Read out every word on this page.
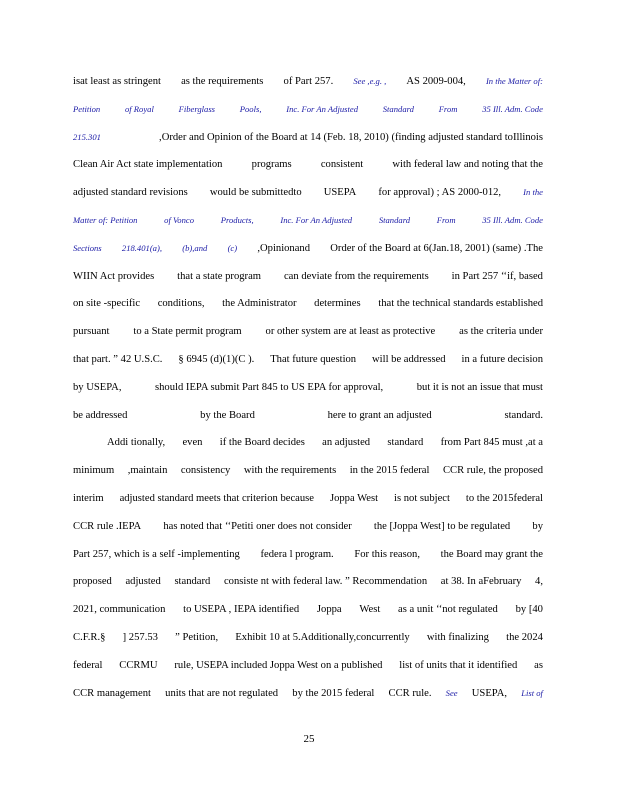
isat least as stringent as the requirements of Part 257. See ,e.g. , AS 2009-004, In the Matter of:
Petition	of Royal	Fiberglass	Pools,	Inc. For An Adjusted	Standard	From	35 Ill. Adm. Code
215.301	,Order and Opinion of the Board at 14 (Feb. 18, 2010) (finding adjusted standard toIllinois
Clean Air Act state implementation	programs	consistent	with federal law and noting that the
adjusted standard revisions would be submittedto USEPA for approval) ; AS 2000-012,	In the
Matter of: Petition	of Vonco	Products,	Inc. For An Adjusted	Standard	From	35 Ill. Adm. Code
Sections 218.401(a), (b),and (c) ,Opinionand Order of the Board at 6(Jan.18, 2001) (same) .The
WIIN Act provides that a state program can deviate from the requirements in Part 257 ‘‘if, based
on site -specific conditions, the Administrator determines that the technical standards established
pursuant to a State permit program or other system are at least as protective as the criteria under
that part. ” 42 U.S.C. § 6945 (d)(1)(C ). That future question will be addressed in a future decision
by USEPA,	should IEPA submit Part 845 to US EPA for approval,	but it is not an issue that must
be addressed	by the Board	here to grant an adjusted	standard.
Addi tionally, even if the Board decides an adjusted standard from Part 845 must ,at a
minimum ,maintain consistency with the requirements in the 2015 federal CCR rule, the proposed
interim adjusted standard meets that criterion because Joppa West is not subject to the 2015federal
CCR rule .IEPA has noted that ‘‘Petiti oner does not consider the [Joppa West] to be regulated by
Part 257, which is a self -implementing federa l program. For this reason, the Board may grant the
proposed adjusted standard consiste nt with federal law. ” Recommendation at 38. In aFebruary 4,
2021, communication to USEPA , IEPA identified Joppa West as a unit ‘‘not regulated by [40
C.F.R.§ ] 257.53 ” Petition, Exhibit 10 at 5.Additionally,concurrently with finalizing the 2024
federal CCRMU rule, USEPA included Joppa West on a published list of units that it identified as
CCR management units that are not regulated by the 2015 federal CCR rule. See USEPA, List of
25
